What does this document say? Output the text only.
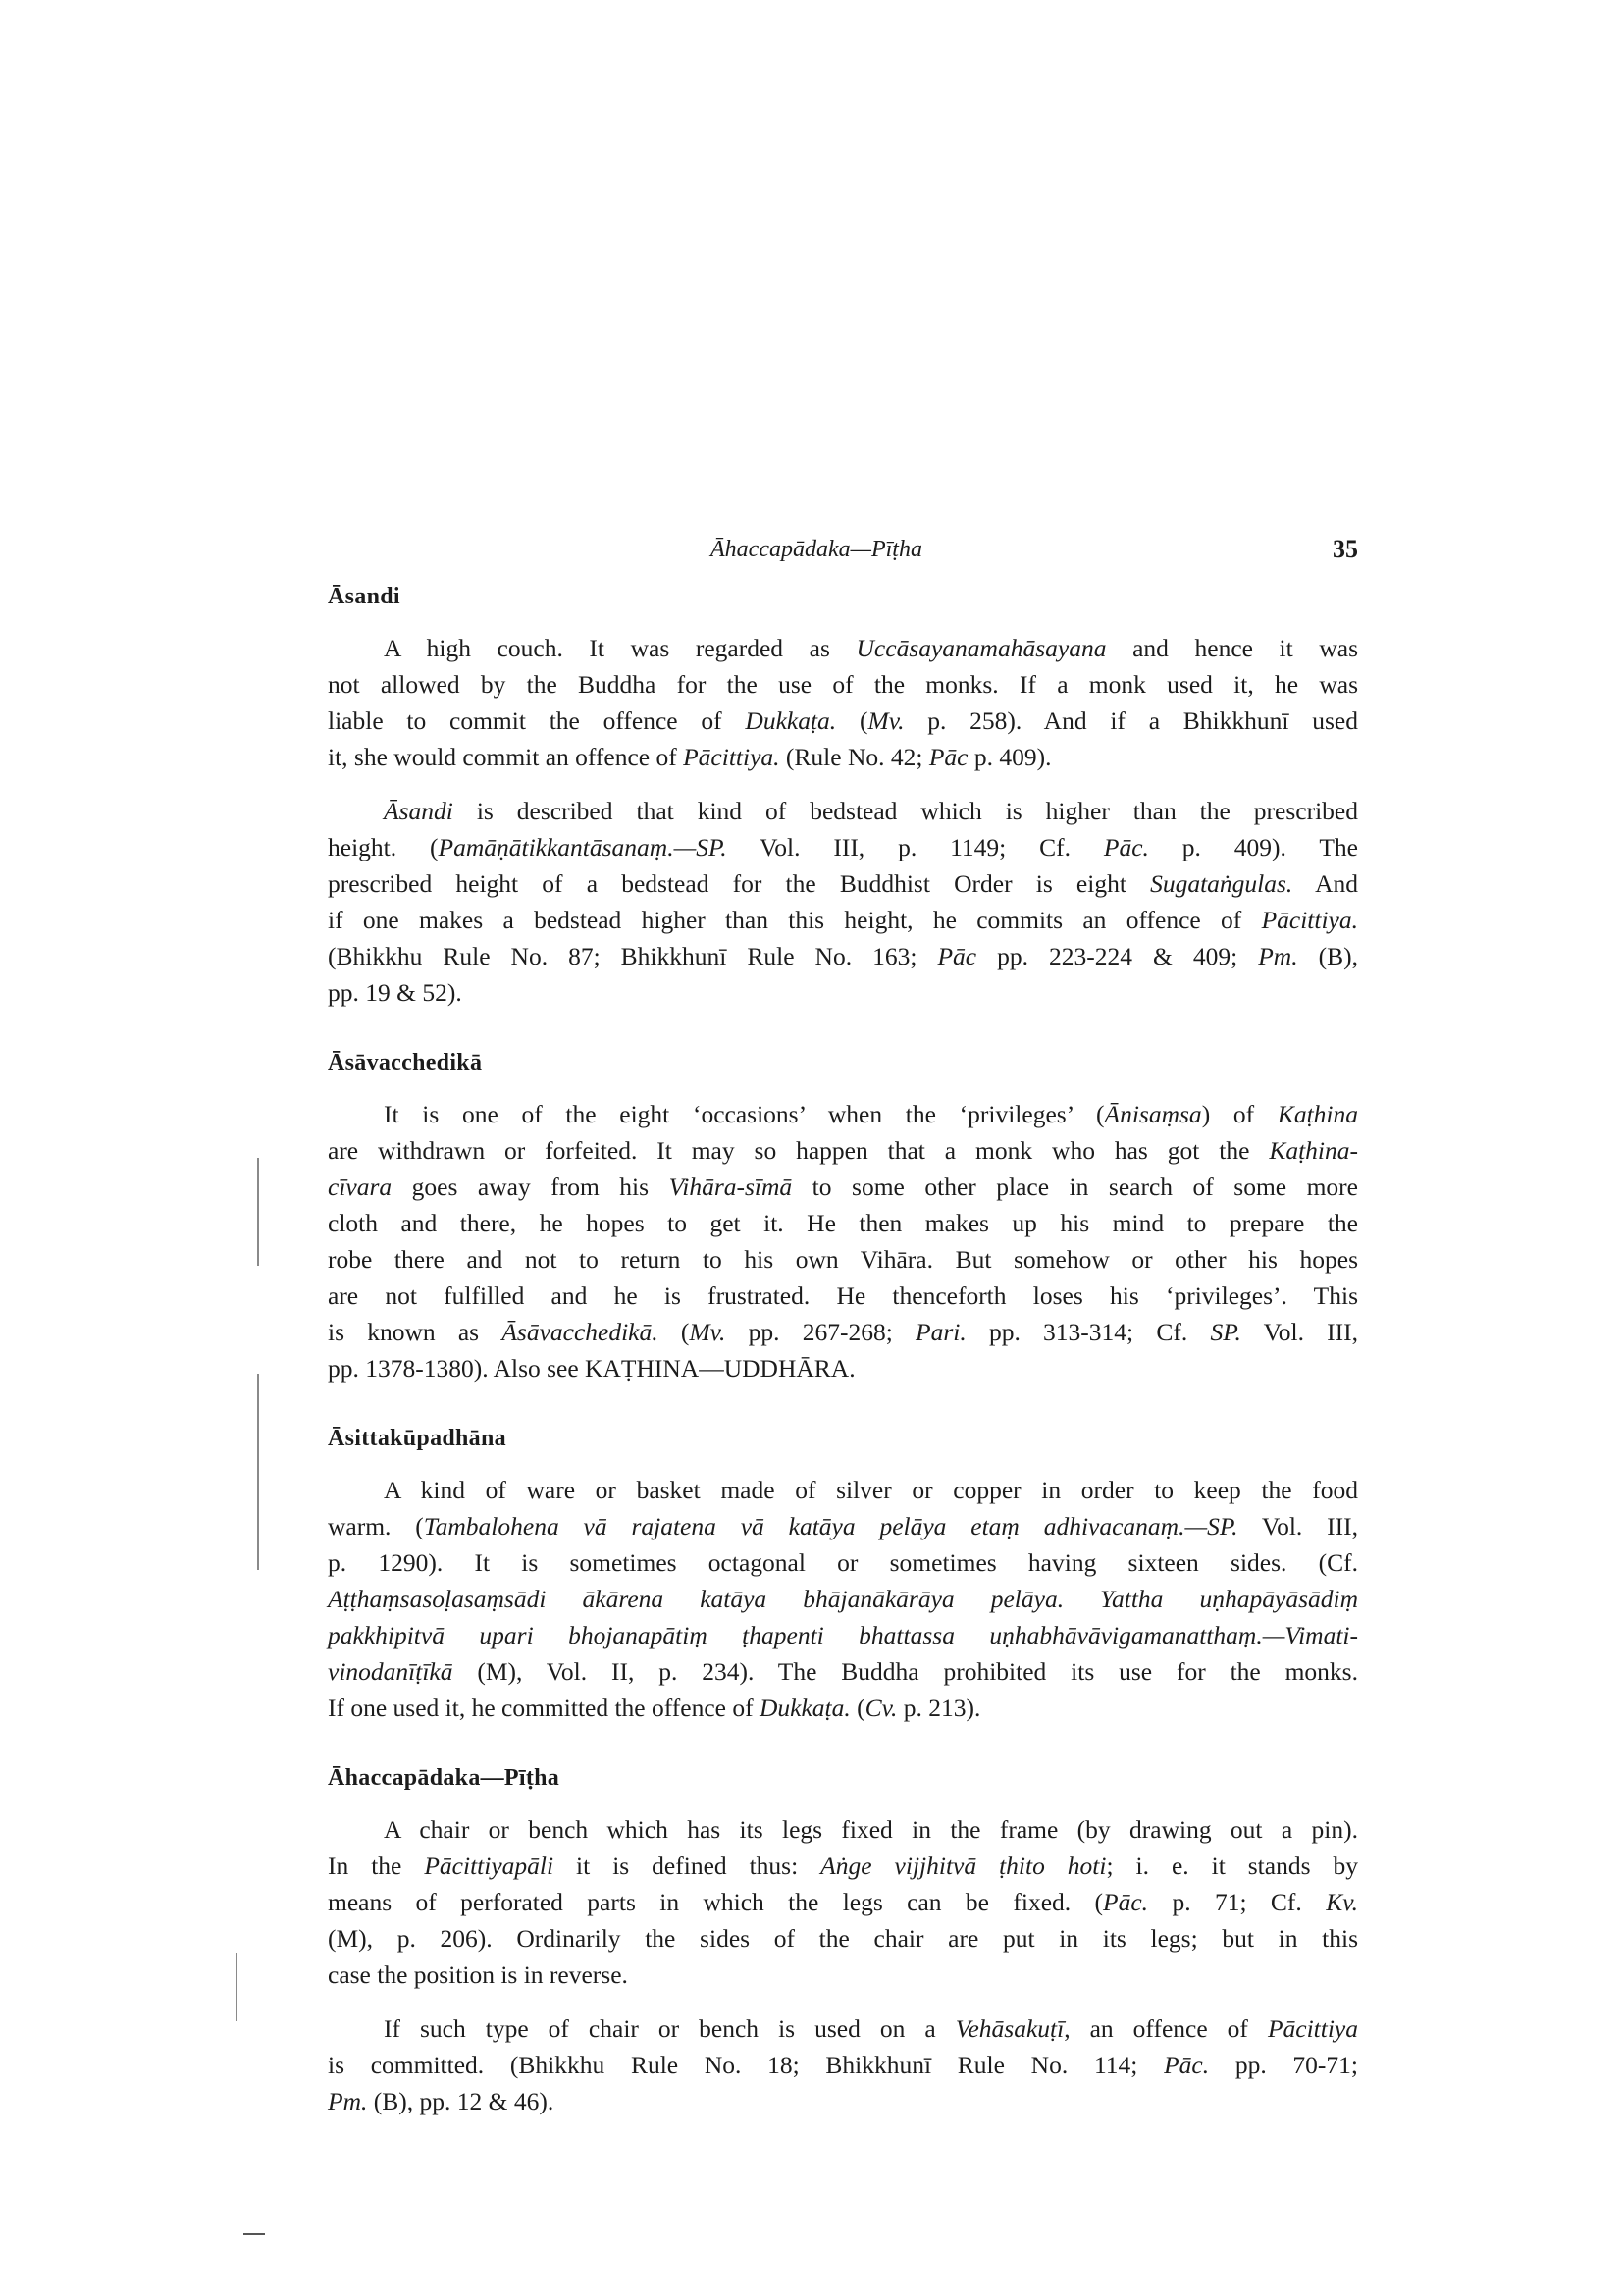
Āhaccapādaka—Pīṭha	35
Āsandi

A high couch. It was regarded as Uccāsayanamahāsayana and hence it was
not allowed by the Buddha for the use of the monks. If a monk used it, he was
liable to commit the offence of Dukkaṭa. (Mv. p. 258). And if a Bhikkhunī used
it, she would commit an offence of Pācittiya. (Rule No. 42; Pāc p. 409).

Āsandi is described that kind of bedstead which is higher than the prescribed
height. (Pamāṇātikkantāsanaṃ.—SP. Vol. III, p. 1149; Cf. Pāc. p. 409). The
prescribed height of a bedstead for the Buddhist Order is eight Sugataṅgulas. And
if one makes a bedstead higher than this height, he commits an offence of Pācittiya.
(Bhikkhu Rule No. 87; Bhikkhunī Rule No. 163; Pāc pp. 223-224 & 409; Pm. (B),
pp. 19 & 52).

Āsāvacchedikā

It is one of the eight ‘occasions’ when the ‘privileges’ (Ānisaṃsa) of Kaṭhina
are withdrawn or forfeited. It may so happen that a monk who has got the Kaṭhina-
cīvara goes away from his Vihāra-sīmā to some other place in search of some more
cloth and there, he hopes to get it. He then makes up his mind to prepare the
robe there and not to return to his own Vihāra. But somehow or other his hopes
are not fulfilled and he is frustrated. He thenceforth loses his ‘privileges’. This
is known as Āsāvacchedikā. (Mv. pp. 267-268; Pari. pp. 313-314; Cf. SP. Vol. III,
pp. 1378-1380). Also see KAṬHINA—UDDHĀRA.

Āsittakūpadhāna

A kind of ware or basket made of silver or copper in order to keep the food
warm. (Tambalohena vā rajatena vā katāya pelāya etaṃ adhivacanaṃ.—SP. Vol. III,
p. 1290). It is sometimes octagonal or sometimes having sixteen sides. (Cf.
Aṭṭhaṃsasoḷasaṃsādi ākārena katāya bhājanākārāya pelāya. Yattha uṇhapāyāsādiṃ
pakkhipitvā upari bhojanapātiṃ ṭhapenti bhattassa uṇhabhāvāvigamanatthaṃ.—Vimati-
vinodanīṭīkā (M), Vol. II, p. 234). The Buddha prohibited its use for the monks.
If one used it, he committed the offence of Dukkaṭa. (Cv. p. 213).

Āhaccapādaka—Pīṭha

A chair or bench which has its legs fixed in the frame (by drawing out a pin).
In the Pācittiyapāli it is defined thus: Aṅge vijjhitvā ṭhito hoti; i. e. it stands by
means of perforated parts in which the legs can be fixed. (Pāc. p. 71; Cf. Kv.
(M), p. 206). Ordinarily the sides of the chair are put in its legs; but in this
case the position is in reverse.

If such type of chair or bench is used on a Vehāsakuṭī, an offence of Pācittiya
is committed. (Bhikkhu Rule No. 18; Bhikkhunī Rule No. 114; Pāc. pp. 70-71;
Pm. (B), pp. 12 & 46).
